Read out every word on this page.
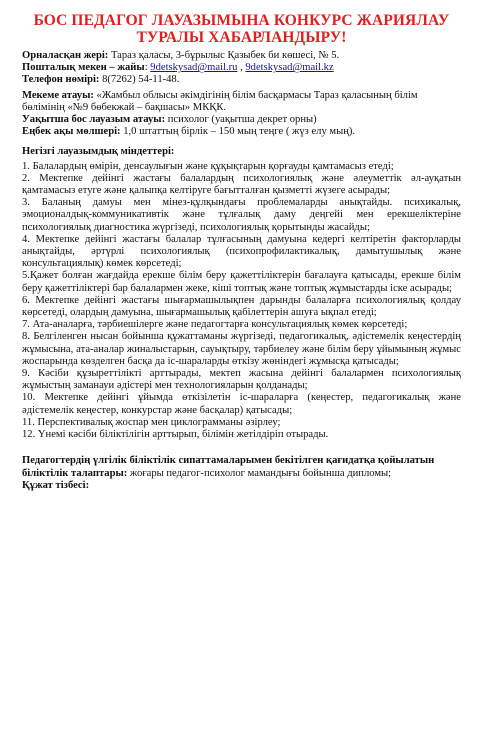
БОС ПЕДАГОГ ЛАУАЗЫМЫНА КОНКУРС ЖАРИЯЛАУ
ТУРАЛЫ ХАБАРЛАНДЫРУ!

Орналасқан жері: Тараз қаласы, 3-бұрылыс Қазыбек би көшесі, № 5.

Пошталық мекен – жайы: 9detskysad@mail.ru , 9detskysad@mail.kz

Телефон нөмірі: 8(7262) 54-11-48.

Мекеме атауы: «Жамбыл облысы әкімдігінің білім басқармасы Тараз қаласының білім бөлімінің «№9 бөбекжай – бақшасы» МКҚК.

Уақытша бос лауазым атауы: психолог (уақытша декрет орны)

Еңбек ақы мөлшері: 1,0 штаттың бірлік – 150 мың теңге ( жүз елу мың).

Негізгі лауазымдық міндеттері:

1. Балалардың өмірін, денсаулығын және құқықтарын қорғауды қамтамасыз етеді;
2. Мектепке дейінгі жастағы балалардың психологиялық және әлеуметтік әл-ауқатын қамтамасыз етуге және қалыпқа келтіруге бағытталған қызметті жүзеге асырады;
3. Баланың дамуы мен мінез-құлқындағы проблемаларды анықтайды. психикалық, эмоционалдық-коммуникативтік және тұлғалық даму деңгейі мен ерекшеліктеріне психологиялық диагностика жүргізеді, психологиялық қорытынды жасайды;
4. Мектепке дейінгі жастағы балалар тұлғасының дамуына кедергі келтіретін факторларды анықтайды, әртүрлі психологиялық (психопрофилактикалық, дамытушылық және консультациялық) көмек көрсетеді;
5.Қажет болған жағдайда ерекше білім беру қажеттіліктерін бағалауға қатысады, ерекше білім беру қажеттіліктері бар балалармен жеке, кіші топтық және топтық жұмыстарды іске асырады;
6. Мектепке дейінгі жастағы шығармашылықпен дарынды балаларға психологиялық қолдау көрсетеді, олардың дамуына, шығармашылық қабілеттерін ашуға ықпал етеді;
7. Ата-аналарға, тәрбиешілерге және педагогтарға консультациялық көмек көрсетеді;
8. Белгіленген нысан бойынша құжаттаманы жүргізеді, педагогикалық, әдістемелік кеңестердің жұмысына, ата-аналар жиналыстарын, сауықтыру, тәрбиелеу және білім беру ұйымының жұмыс жоспарында көзделген басқа да іс-шараларды өткізу жөніндегі жұмысқа қатысады;
9. Кәсіби құзыреттілікті арттырады, мектеп жасына дейінгі балалармен психологиялық жұмыстың заманауи әдістері мен технологияларын қолданады;
10. Мектепке дейінгі ұйымда өткізілетін іс-шараларға (кеңестер, педагогикалық және әдістемелік кеңестер, конкурстар және басқалар) қатысады;
11. Перспективалық жоспар мен циклограмманы әзірлеу;
12. Үнемі кәсіби біліктілігін арттырып, білімін жетілдіріп отырады.

Педагогтердің үлгілік біліктілік сипаттамаларымен бекітілген қағидатқа қойылатын біліктілік талаптары: жоғары педагог-психолог мамандығы бойынша дипломы;

Құжат тізбесі:
